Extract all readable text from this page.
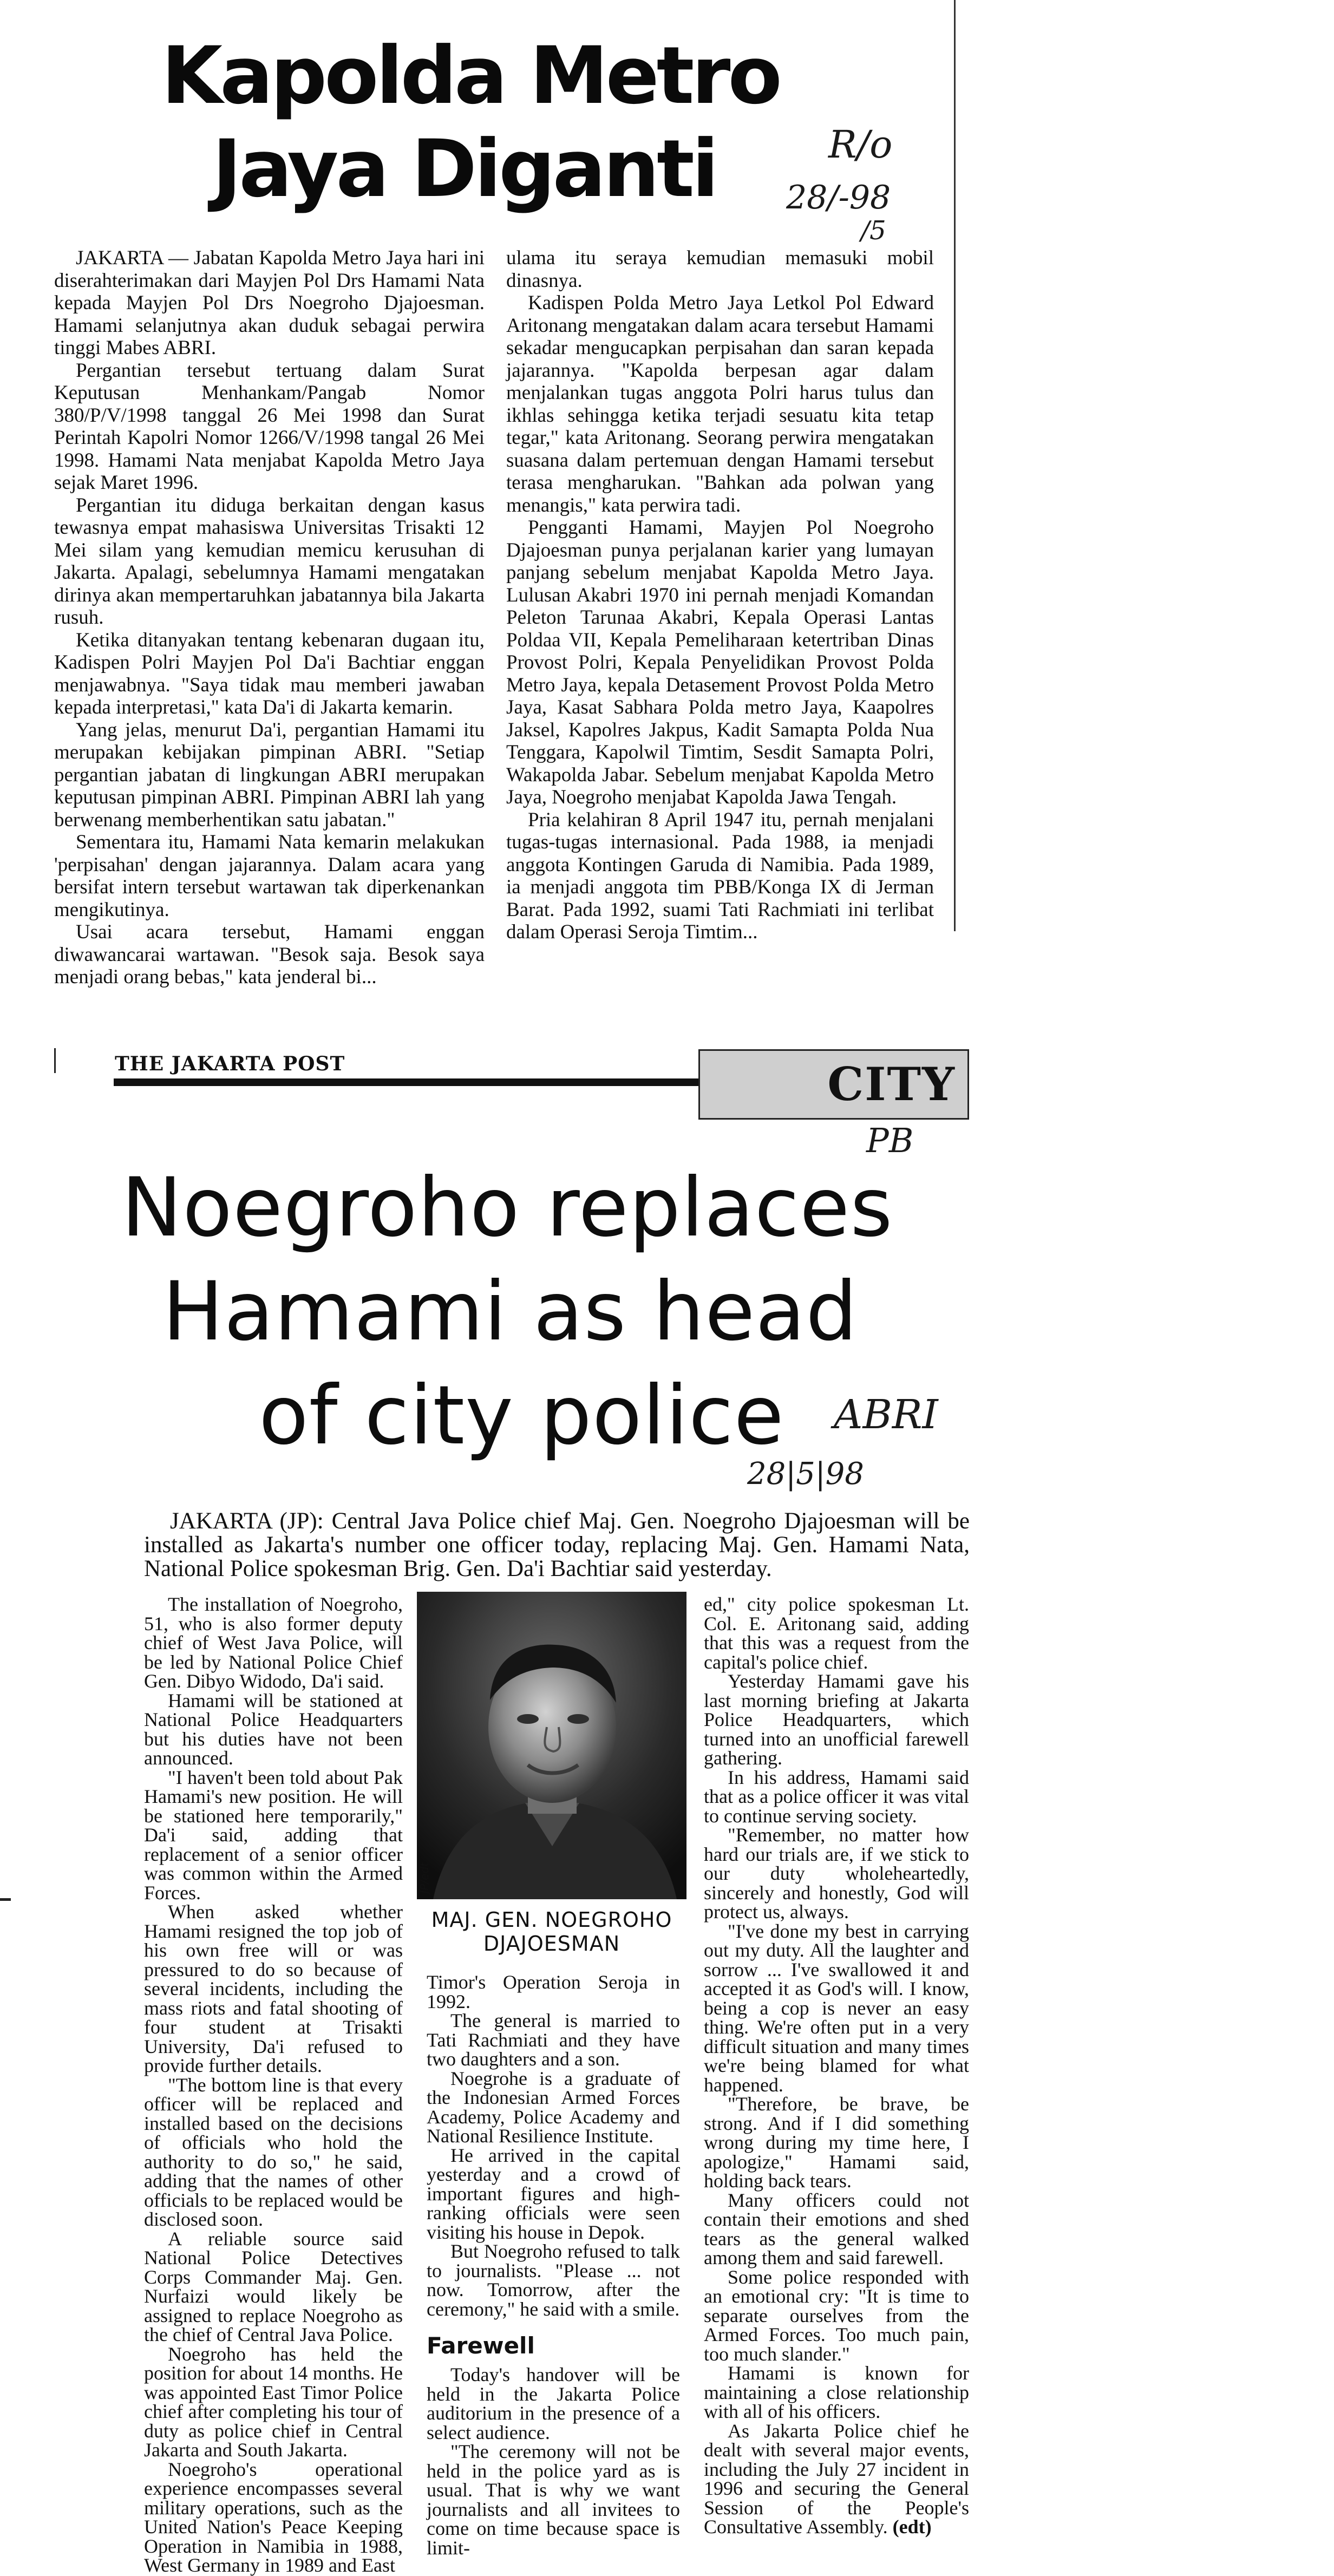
Kapolda Metro
Jaya Diganti	R/o
28/-98
/5

JAKARTA — Jabatan Kapolda Metro Jaya hari ini diserahterimakan dari Mayjen Pol Drs Hamami Nata kepada Mayjen Pol Drs Noegroho Djajoesman. Hamami selanjutnya akan duduk sebagai perwira tinggi Mabes ABRI.

Pergantian tersebut tertuang dalam Surat Keputusan Menhankam/Pangab Nomor 380/P/V/1998 tanggal 26 Mei 1998 dan Surat Perintah Kapolri Nomor 1266/V/1998 tangal 26 Mei 1998. Hamami Nata menjabat Kapolda Metro Jaya sejak Maret 1996.

Pergantian itu diduga berkaitan dengan kasus tewasnya empat mahasiswa Universitas Trisakti 12 Mei silam yang kemudian memicu kerusuhan di Jakarta. Apalagi, sebelumnya Hamami mengatakan dirinya akan mempertaruhkan jabatannya bila Jakarta rusuh.

Ketika ditanyakan tentang kebenaran dugaan itu, Kadispen Polri Mayjen Pol Da'i Bachtiar enggan menjawabnya. "Saya tidak mau memberi jawaban kepada interpretasi," kata Da'i di Jakarta kemarin.

Yang jelas, menurut Da'i, pergantian Hamami itu merupakan kebijakan pimpinan ABRI. "Setiap pergantian jabatan di lingkungan ABRI merupakan keputusan pimpinan ABRI. Pimpinan ABRI lah yang berwenang memberhentikan satu jabatan."

Sementara itu, Hamami Nata kemarin melakukan 'perpisahan' dengan jajarannya. Dalam acara yang bersifat intern tersebut wartawan tak diperkenankan mengikutinya.

Usai acara tersebut, Hamami enggan diwawancarai wartawan. "Besok saja. Besok saya menjadi orang bebas," kata jenderal bi...

ulama itu seraya kemudian memasuki mobil dinasnya.

Kadispen Polda Metro Jaya Letkol Pol Edward Aritonang mengatakan dalam acara tersebut Hamami sekadar mengucapkan perpisahan dan saran kepada jajarannya. "Kapolda berpesan agar dalam menjalankan tugas anggota Polri harus tulus dan ikhlas sehingga ketika terjadi sesuatu kita tetap tegar," kata Aritonang. Seorang perwira mengatakan suasana dalam pertemuan dengan Hamami tersebut terasa mengharukan. "Bahkan ada polwan yang menangis," kata perwira tadi.

Pengganti Hamami, Mayjen Pol Noegroho Djajoesman punya perjalanan karier yang lumayan panjang sebelum menjabat Kapolda Metro Jaya. Lulusan Akabri 1970 ini pernah menjadi Komandan Peleton Tarunaa Akabri, Kepala Operasi Lantas Poldaa VII, Kepala Pemeliharaan ketertriban Dinas Provost Polri, Kepala Penyelidikan Provost Polda Metro Jaya, kepala Detasement Provost Polda Metro Jaya, Kasat Sabhara Polda metro Jaya, Kaapolres Jaksel, Kapolres Jakpus, Kadit Samapta Polda Nua Tenggara, Kapolwil Timtim, Sesdit Samapta Polri, Wakapolda Jabar. Sebelum menjabat Kapolda Metro Jaya, Noegroho menjabat Kapolda Jawa Tengah.

Pria kelahiran 8 April 1947 itu, pernah menjalani tugas-tugas internasional. Pada 1988, ia menjadi anggota Kontingen Garuda di Namibia. Pada 1989, ia menjadi anggota tim PBB/Konga IX di Jerman Barat. Pada 1992, suami Tati Rachmiati ini terlibat dalam Operasi Seroja Timtim...

THE JAKARTA POST	CITY
PB
Noegroho replaces
Hamami as head
of city police ABRI
28|5|98

JAKARTA (JP): Central Java Police chief Maj. Gen. Noegroho Djajoesman will be installed as Jakarta's number one officer today, replacing Maj. Gen. Hamami Nata, National Police spokesman Brig. Gen. Da'i Bachtiar said yesterday.

The installation of Noegroho, 51, who is also former deputy chief of West Java Police, will be led by National Police Chief Gen. Dibyo Widodo, Da'i said.

Hamami will be stationed at National Police Headquarters but his duties have not been announced.

"I haven't been told about Pak Hamami's new position. He will be stationed here temporarily," Da'i said, adding that replacement of a senior officer was common within the Armed Forces.

When asked whether Hamami resigned the top job of his own free will or was pressured to do so because of several incidents, including the mass riots and fatal shooting of four student at Trisakti University, Da'i refused to provide further details.

"The bottom line is that every officer will be replaced and installed based on the decisions of officials who hold the authority to do so," he said, adding that the names of other officials to be replaced would be disclosed soon.

A reliable source said National Police Detectives Corps Commander Maj. Gen. Nurfaizi would likely be assigned to replace Noegroho as the chief of Central Java Police.

Noegroho has held the position for about 14 months. He was appointed East Timor Police chief after completing his tour of duty as police chief in Central Jakarta and South Jakarta.

Noegroho's operational experience encompasses several military operations, such as the United Nation's Peace Keeping Operation in Namibia in 1988, West Germany in 1989 and East

JP/edt
MAJ. GEN. NOEGROHO
DJAJOESMAN

Timor's Operation Seroja in 1992.

The general is married to Tati Rachmiati and they have two daughters and a son.

Noegrohe is a graduate of the Indonesian Armed Forces Academy, Police Academy and National Resilience Institute.

He arrived in the capital yesterday and a crowd of important figures and high-ranking officials were seen visiting his house in Depok.

But Noegroho refused to talk to journalists. "Please ... not now. Tomorrow, after the ceremony," he said with a smile.

Farewell

Today's handover will be held in the Jakarta Police auditorium in the presence of a select audience.

"The ceremony will not be held in the police yard as is usual. That is why we want journalists and all invitees to come on time because space is limit-

ed," city police spokesman Lt. Col. E. Aritonang said, adding that this was a request from the capital's police chief.

Yesterday Hamami gave his last morning briefing at Jakarta Police Headquarters, which turned into an unofficial farewell gathering.

In his address, Hamami said that as a police officer it was vital to continue serving society.

"Remember, no matter how hard our trials are, if we stick to our duty wholeheartedly, sincerely and honestly, God will protect us, always.

"I've done my best in carrying out my duty. All the laughter and sorrow ... I've swallowed it and accepted it as God's will. I know, being a cop is never an easy thing. We're often put in a very difficult situation and many times we're being blamed for what happened.

"Therefore, be brave, be strong. And if I did something wrong during my time here, I apologize," Hamami said, holding back tears.

Many officers could not contain their emotions and shed tears as the general walked among them and said farewell.

Some police responded with an emotional cry: "It is time to separate ourselves from the Armed Forces. Too much pain, too much slander."

Hamami is known for maintaining a close relationship with all of his officers.

As Jakarta Police chief he dealt with several major events, including the July 27 incident in 1996 and securing the General Session of the People's Consultative Assembly. (edt)
